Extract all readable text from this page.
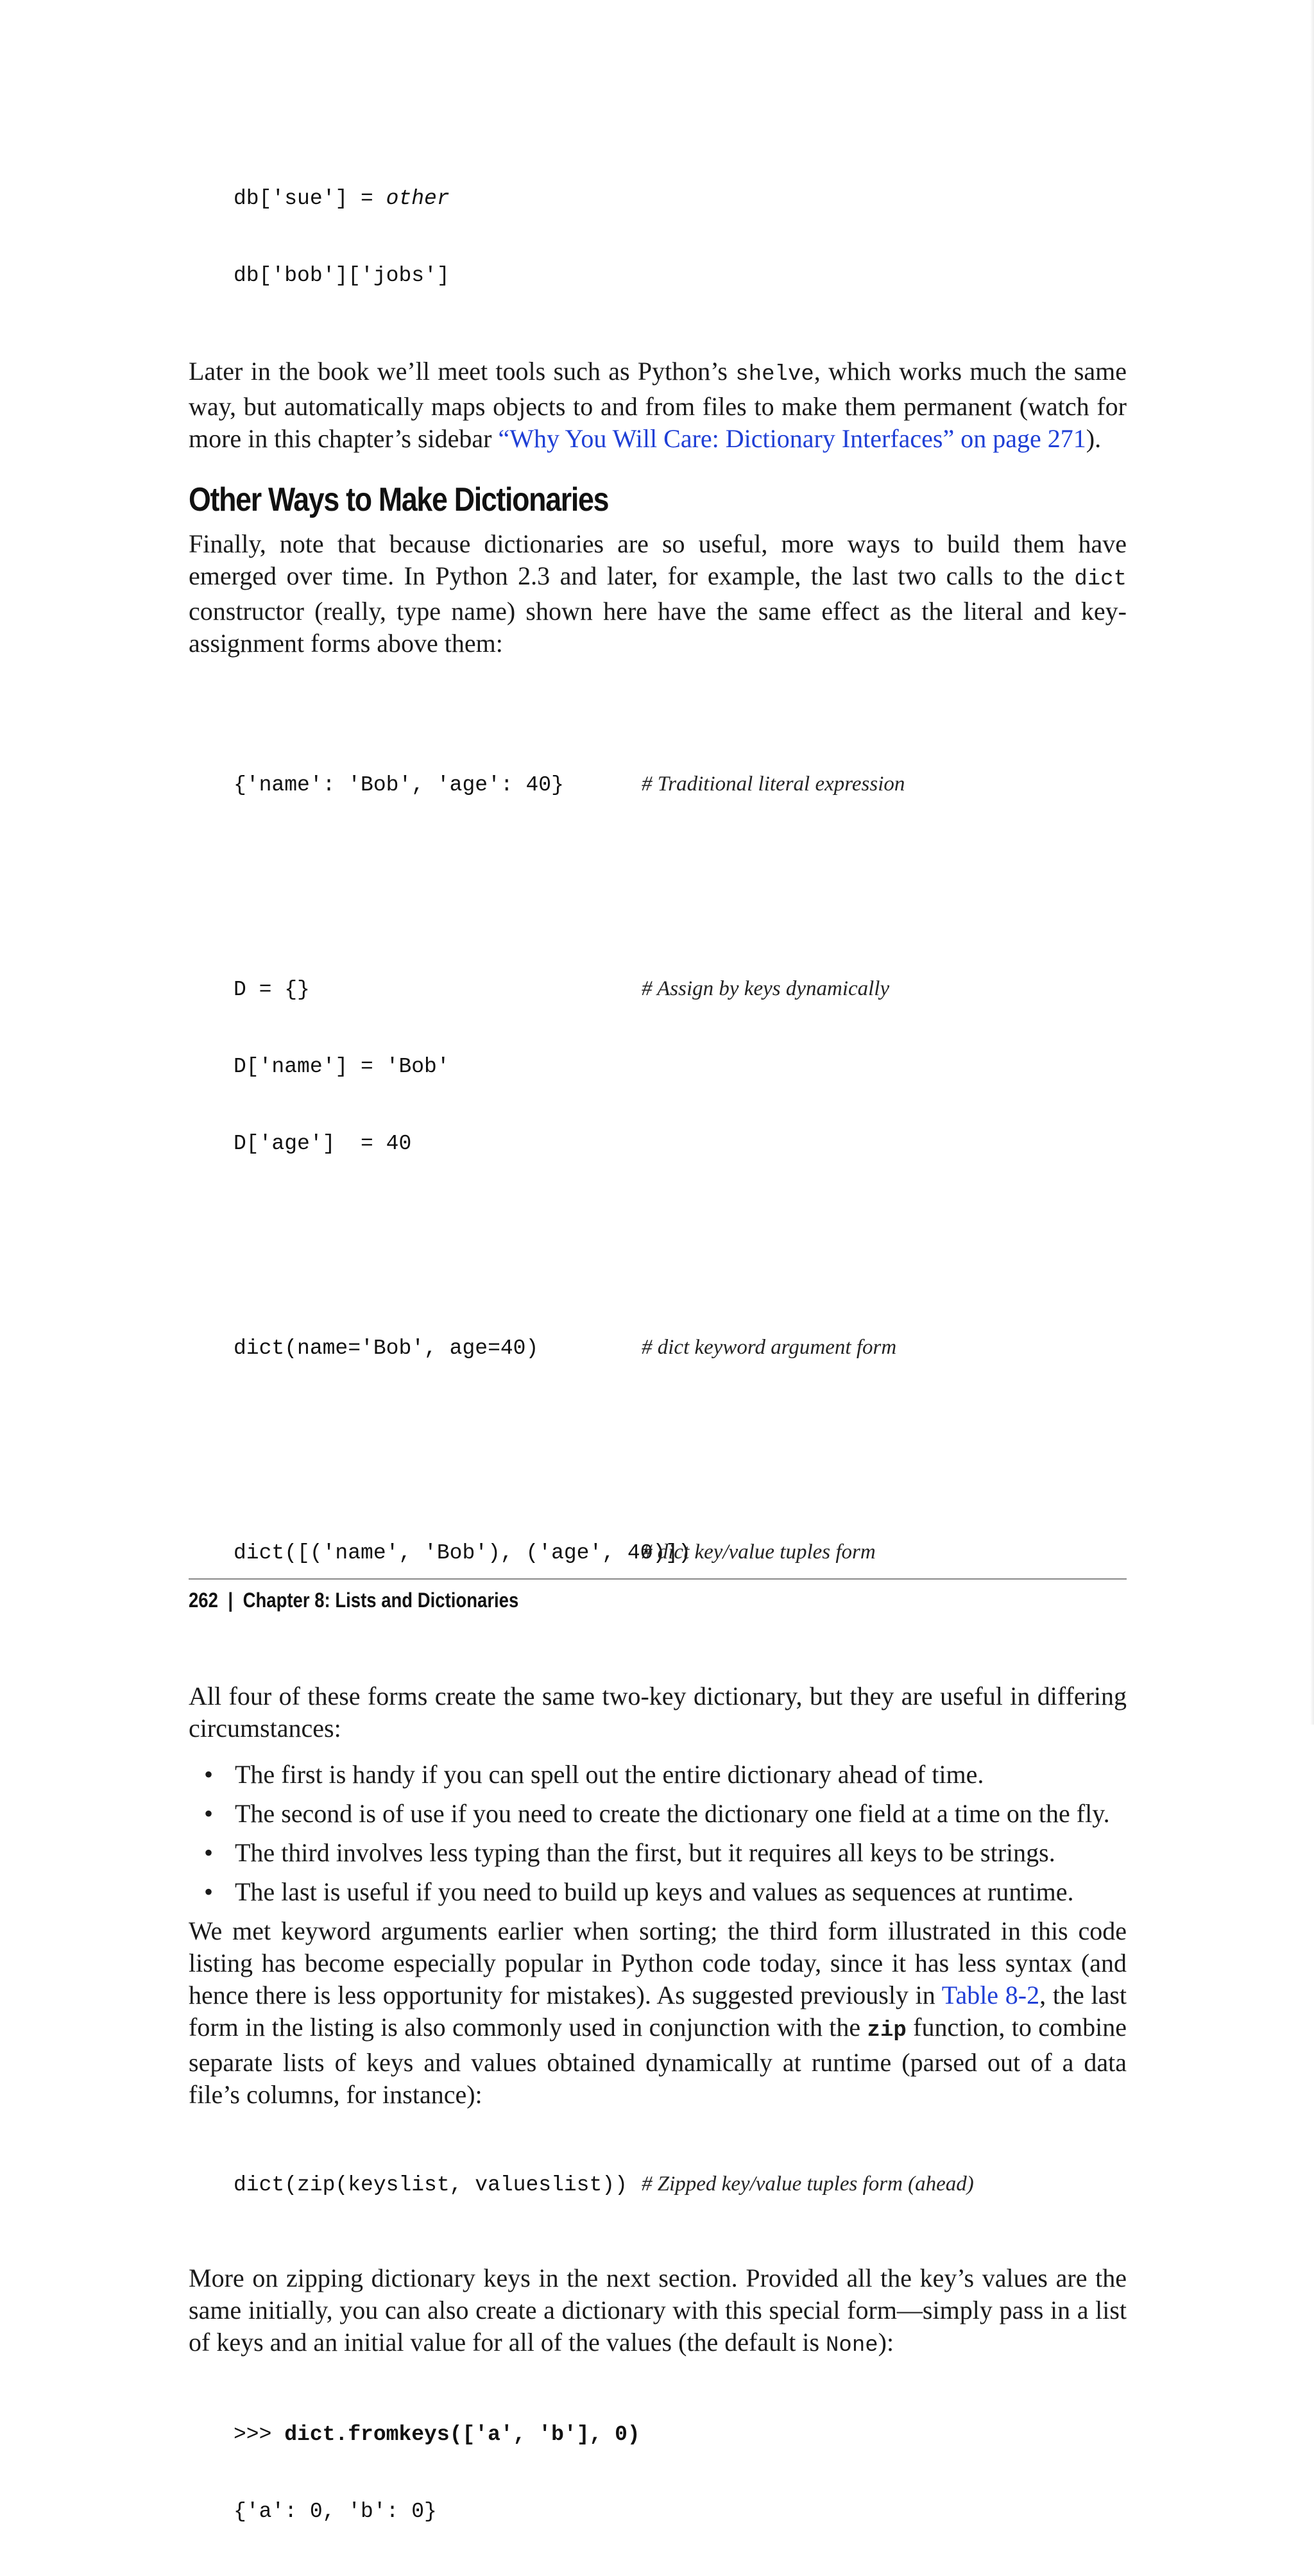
db['sue'] = other

db['bob']['jobs']

Later in the book we’ll meet tools such as Python’s shelve, which works much the same way, but automatically maps objects to and from files to make them permanent (watch for more in this chapter’s sidebar “Why You Will Care: Dictionary Interfaces” on page 271).

Other Ways to Make Dictionaries

Finally, note that because dictionaries are so useful, more ways to build them have emerged over time. In Python 2.3 and later, for example, the last two calls to the dict constructor (really, type name) shown here have the same effect as the literal and key-assignment forms above them:

{'name': 'Bob', 'age': 40}	# Traditional literal expression

D = {}	# Assign by keys dynamically

D['name'] = 'Bob'

D['age']  = 40

dict(name='Bob', age=40)	# dict keyword argument form

dict([('name', 'Bob'), ('age', 40)])
# dict key/value tuples form

All four of these forms create the same two-key dictionary, but they are useful in differing circumstances:

• The first is handy if you can spell out the entire dictionary ahead of time.
• The second is of use if you need to create the dictionary one field at a time on the fly.
• The third involves less typing than the first, but it requires all keys to be strings.
• The last is useful if you need to build up keys and values as sequences at runtime.

We met keyword arguments earlier when sorting; the third form illustrated in this code listing has become especially popular in Python code today, since it has less syntax (and hence there is less opportunity for mistakes). As suggested previously in Table 8-2, the last form in the listing is also commonly used in conjunction with the zip function, to combine separate lists of keys and values obtained dynamically at runtime (parsed out of a data file’s columns, for instance):

dict(zip(keyslist, valueslist)) # Zipped key/value tuples form (ahead)

More on zipping dictionary keys in the next section. Provided all the key’s values are the same initially, you can also create a dictionary with this special form—simply pass in a list of keys and an initial value for all of the values (the default is None):

>>> dict.fromkeys(['a', 'b'], 0)

{'a': 0, 'b': 0}

262 | Chapter 8: Lists and Dictionaries
